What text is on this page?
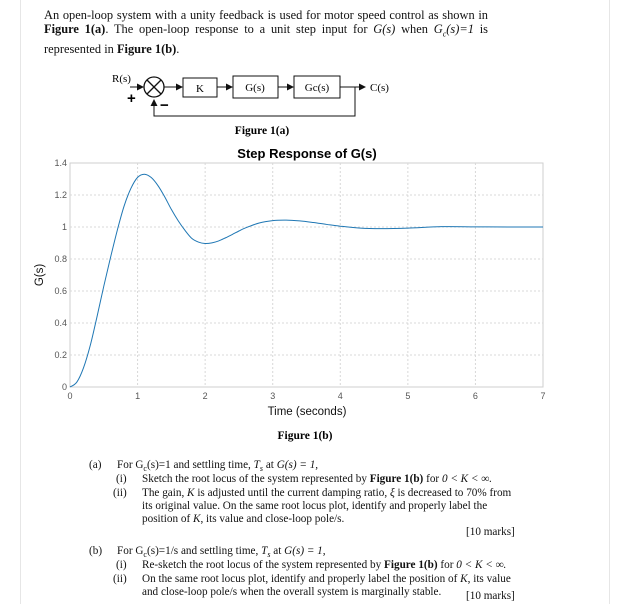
An open-loop system with a unity feedback is used for motor speed control as shown in Figure 1(a). The open-loop response to a unit step input for G(s) when $G_c(s)=1$ is represented in Figure 1(b).
R(s)
+ −
K	G(s)	Gc(s)	C(s)
Figure 1(a)
Step Response of G(s)
0	1	2	3	4	5	6	7
0
0.2
0.4
0.6
0.8
1
1.2
1.4
Time (seconds)
G(s)
Figure 1(b)
(a) For $G_c(s)=1$ and settling time, $T_s$ at G(s) = 1,
(i) Sketch the root locus of the system represented by Figure 1(b) for 0 < K < ∞.
(ii) The gain, K is adjusted until the current damping ratio, ξ is decreased to 70% from
its original value. On the same root locus plot, identify and properly label the
position of K, its value and close-loop pole/s.
[10 marks]
(b) For $G_c(s)=1/s$ and settling time, $T_s$ at G(s) = 1,
(i) Re-sketch the root locus of the system represented by Figure 1(b) for 0 < K < ∞.
(ii) On the same root locus plot, identify and properly label the position of K, its value
and close-loop pole/s when the overall system is marginally stable.	[10 marks]
